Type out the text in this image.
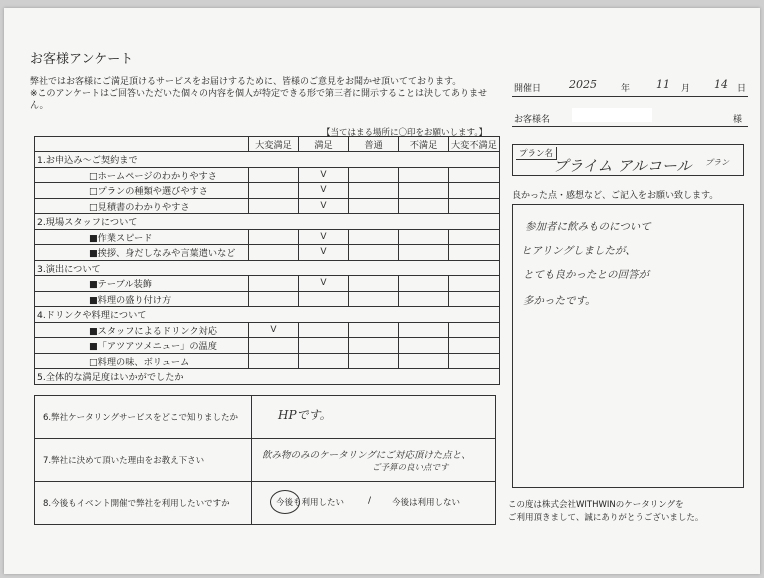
お客様アンケート
弊社ではお客様にご満足頂けるサービスをお届けするために、皆様のご意見をお聞かせ頂いてております。
※このアンケートはご回答いただいた個々の内容を個人が特定できる形で第三者に開示することは決してありませ
ん。
開催日	2025	年 11 月 14 日
お客様名	様
【当てはまる場所に〇印をお願いします。】
	大変満足	満足	普通	不満足	大変不満足
1.お申込み～ご契約まで					
□ホームページのわかりやすさ		V			
□プランの種類や選びやすさ		V			
□見積書のわかりやすさ		V			
2.現場スタッフについて					
■作業スピード		V			
■挨拶、身だしなみや言葉遣いなど		V			
3.演出について					
■テーブル装飾		V			
■料理の盛り付け方					
4.ドリンクや料理について					
■スタッフによるドリンク対応	V				
■「アツアツメニュー」の温度					
□料理の味、ボリューム					
5.全体的な満足度はいかがでしたか					
プラン名
プライム アルコール プラン
良かった点・感想など、ご記入をお願い致します。
参加者に飲みものについて
ヒアリングしましたが、
とても良かったとの回答が
多かったです。
この度は株式会社WITHWINのケータリングを
ご利用頂きまして、誠にありがとうございました。
6.弊社ケータリングサービスをどこで知りましたか	HPです。

7.弊社に決めて頂いた理由をお教え下さい	飲み物のみのケータリングにご対応頂けた点と、
ご予算の良い点です

8.今後もイベント開催で弊社を利用したいですか	今後も利用したい / 今後は利用しない
